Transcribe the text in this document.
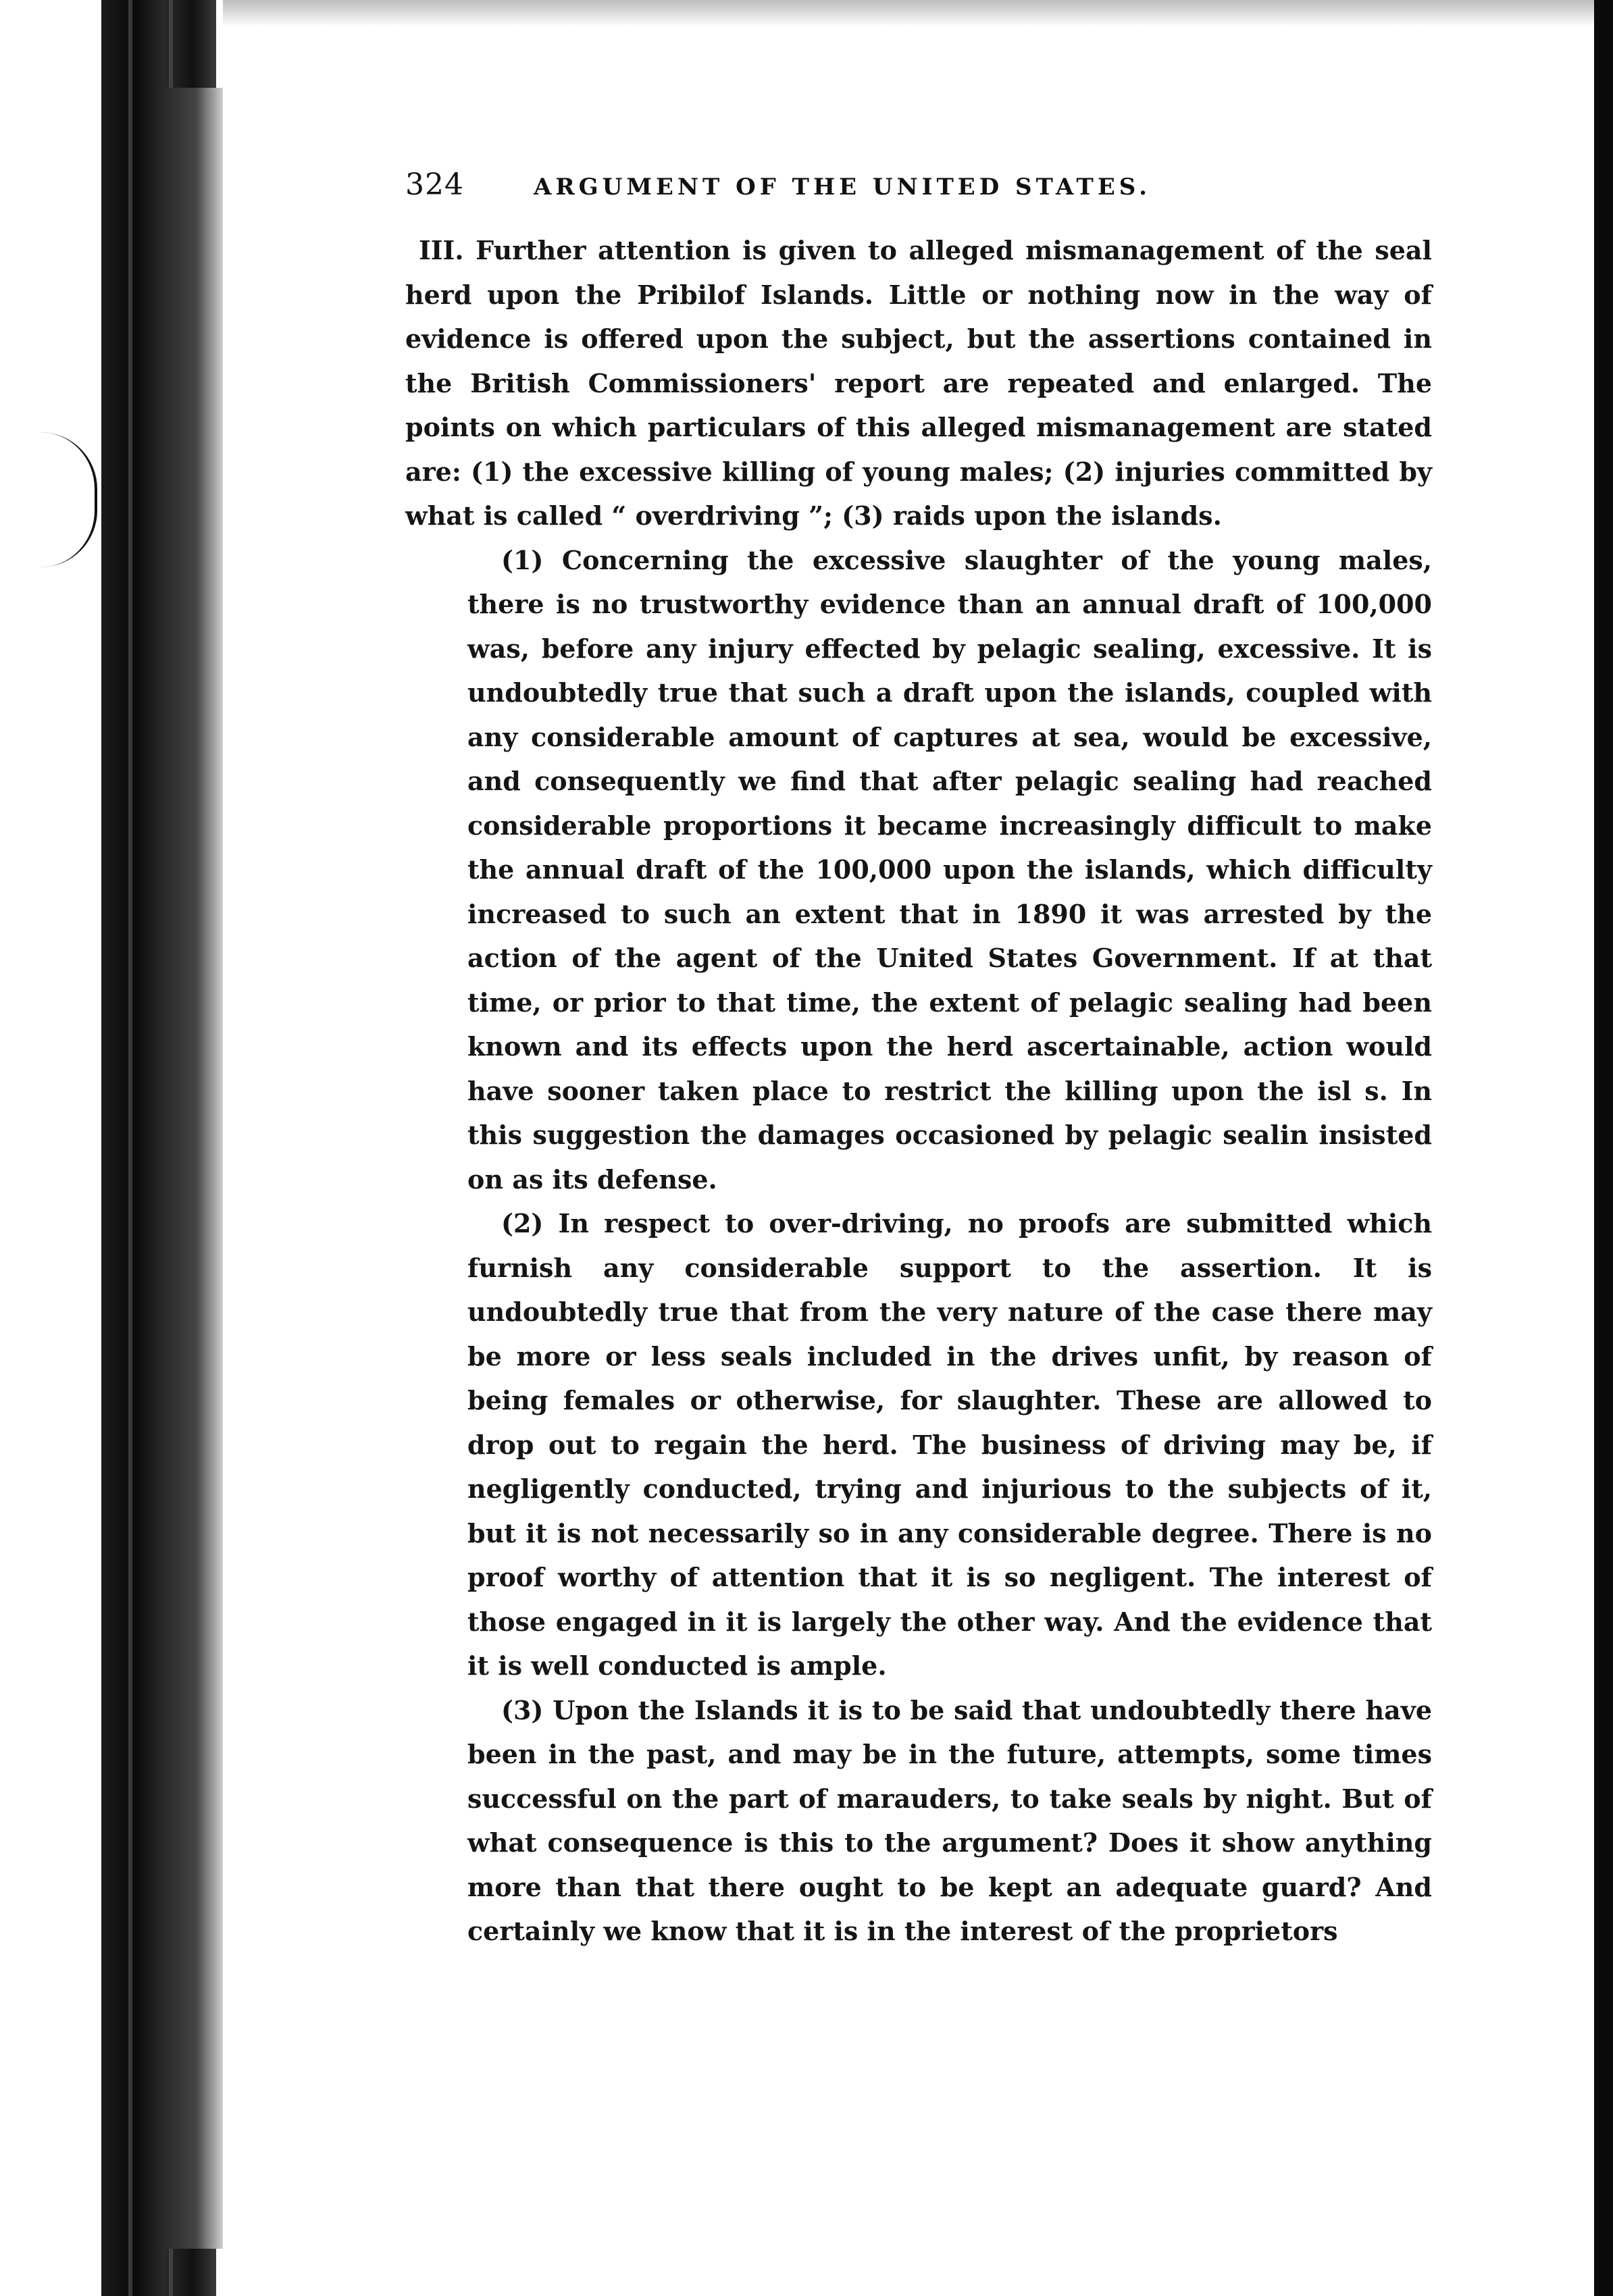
324	ARGUMENT OF THE UNITED STATES.

III. Further attention is given to alleged mismanagement of the seal herd upon the Pribilof Islands. Little or nothing now in the way of evidence is offered upon the subject, but the assertions contained in the British Commissioners' report are repeated and enlarged. The points on which particulars of this alleged mismanagement are stated are: (1) the excessive killing of young males; (2) injuries committed by what is called “ overdriving ”; (3) raids upon the islands.

(1) Concerning the excessive slaughter of the young males, there is no trustworthy evidence than an annual draft of 100,000 was, before any injury effected by pelagic sealing, excessive. It is undoubtedly true that such a draft upon the islands, coupled with any considerable amount of captures at sea, would be excessive, and consequently we find that after pelagic sealing had reached considerable proportions it became increasingly difficult to make the annual draft of the 100,000 upon the islands, which difficulty increased to such an extent that in 1890 it was arrested by the action of the agent of the United States Government. If at that time, or prior to that time, the extent of pelagic sealing had been known and its effects upon the herd ascertainable, action would have sooner taken place to restrict the killing upon the isl s. In this suggestion the damages occasioned by pelagic sealin insisted on as its defense.

(2) In respect to over-driving, no proofs are submitted which furnish any considerable support to the assertion. It is undoubtedly true that from the very nature of the case there may be more or less seals included in the drives unfit, by reason of being females or otherwise, for slaughter. These are allowed to drop out to regain the herd. The business of driving may be, if negligently conducted, trying and injurious to the subjects of it, but it is not necessarily so in any considerable degree. There is no proof worthy of attention that it is so negligent. The interest of those engaged in it is largely the other way. And the evidence that it is well conducted is ample.

(3) Upon the Islands it is to be said that undoubtedly there have been in the past, and may be in the future, attempts, some times successful on the part of marauders, to take seals by night. But of what consequence is this to the argument? Does it show anything more than that there ought to be kept an adequate guard? And certainly we know that it is in the interest of the proprietors
